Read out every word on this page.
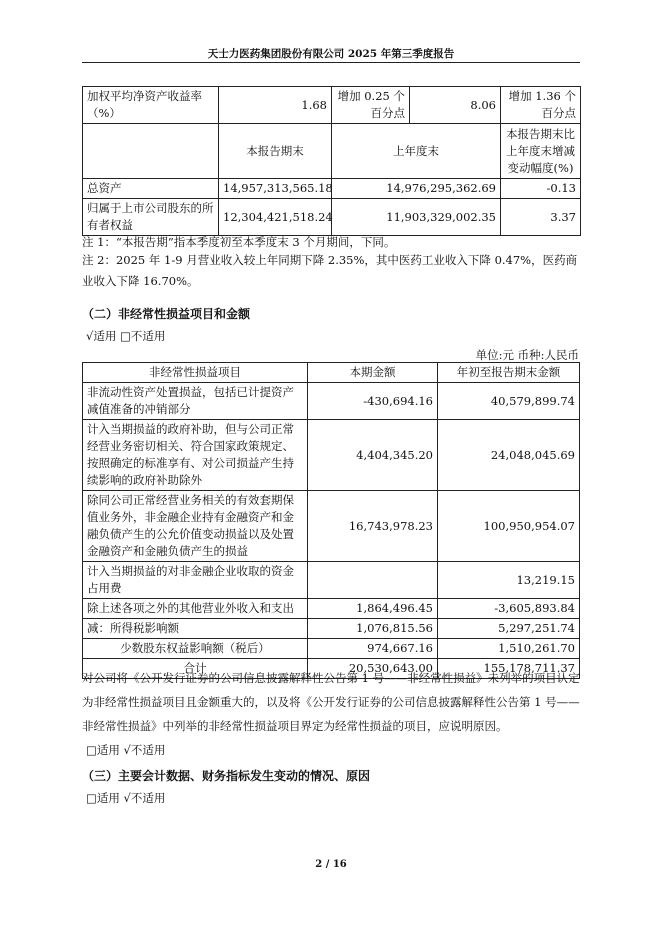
天士力医药集团股份有限公司 2025 年第三季度报告
加权平均净资产收益率（%）	1.68	增加 0.25 个百分点	8.06	增加 1.36 个百分点
	本报告期末	上年度末		本报告期末比上年度末增减变动幅度(%)
总资产	14,957,313,565.18	14,976,295,362.69		-0.13
归属于上市公司股东的所有者权益	12,304,421,518.24	11,903,329,002.35		3.37
注 1：“本报告期”指本季度初至本季度末 3 个月期间，下同。
注 2：2025 年 1-9 月营业收入较上年同期下降 2.35%，其中医药工业收入下降 0.47%，医药商业收入下降 16.70%。
（二）非经常性损益项目和金额
√适用 □不适用
单位:元 币种:人民币
非经常性损益项目	本期金额	年初至报告期末金额
非流动性资产处置损益，包括已计提资产减值准备的冲销部分	-430,694.16	40,579,899.74
计入当期损益的政府补助，但与公司正常经营业务密切相关、符合国家政策规定、按照确定的标准享有、对公司损益产生持续影响的政府补助除外	4,404,345.20	24,048,045.69
除同公司正常经营业务相关的有效套期保值业务外，非金融企业持有金融资产和金融负债产生的公允价值变动损益以及处置金融资产和金融负债产生的损益	16,743,978.23	100,950,954.07
计入当期损益的对非金融企业收取的资金占用费		13,219.15
除上述各项之外的其他营业外收入和支出	1,864,496.45	-3,605,893.84
减：所得税影响额	1,076,815.56	5,297,251.74
少数股东权益影响额（税后）	974,667.16	1,510,261.70
合计	20,530,643.00	155,178,711.37
对公司将《公开发行证券的公司信息披露解释性公告第 1 号——非经常性损益》未列举的项目认定为非经常性损益项目且金额重大的，以及将《公开发行证券的公司信息披露解释性公告第 1 号——非经常性损益》中列举的非经常性损益项目界定为经常性损益的项目，应说明原因。
□适用 √不适用
（三）主要会计数据、财务指标发生变动的情况、原因
□适用 √不适用
2 / 16
